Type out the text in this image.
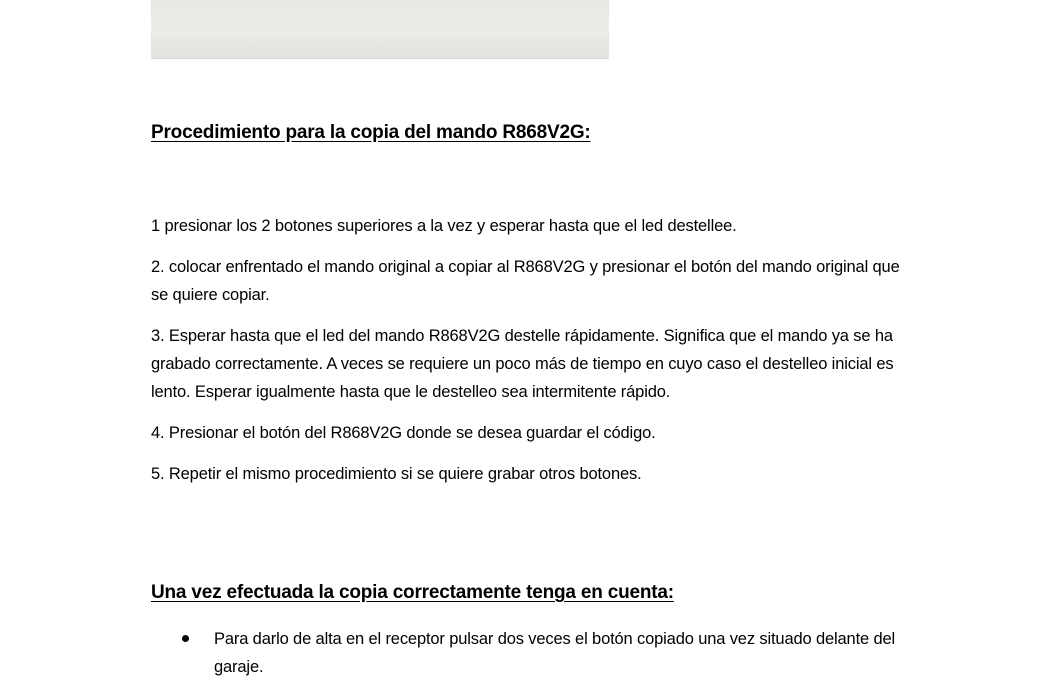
Procedimiento para la copia del mando R868V2G:

1 presionar los 2 botones superiores a la vez y esperar hasta que el led destellee.

2. colocar enfrentado el mando original a copiar al R868V2G y presionar el botón del mando original que se quiere copiar.

3. Esperar hasta que el led del mando R868V2G destelle rápidamente. Significa que el mando ya se ha grabado correctamente. A veces se requiere un poco más de tiempo en cuyo caso el destelleo inicial es lento. Esperar igualmente hasta que le destelleo sea intermitente rápido.

4. Presionar el botón del R868V2G donde se desea guardar el código.

5. Repetir el mismo procedimiento si se quiere grabar otros botones.

Una vez efectuada la copia correctamente tenga en cuenta:
Para darlo de alta en el receptor pulsar dos veces el botón copiado una vez situado delante del garaje.
